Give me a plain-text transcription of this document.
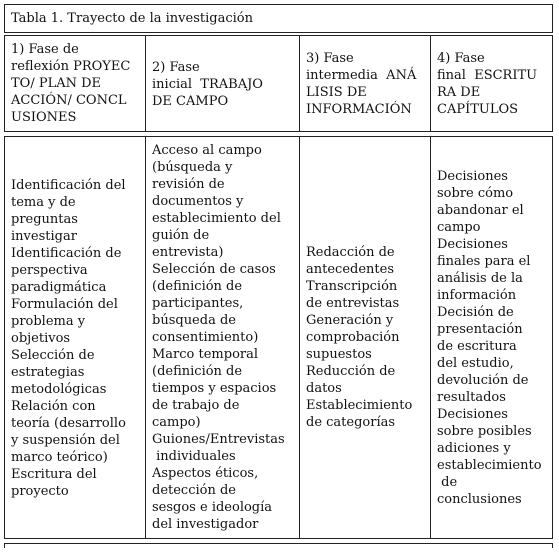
Tabla 1. Trayecto de la investigación

1) Fase de

reflexión PROYEC

TO/ PLAN DE

ACCIÓN/ CONCL

USIONES

2) Fase

inicial  TRABAJO

DE CAMPO

3) Fase

intermedia  ANÁ

LISIS DE

INFORMACIÓN

4) Fase

final  ESCRITU

RA DE

CAPÍTULOS

Identificación del

tema y de

preguntas

investigar

Identificación de

perspectiva

paradigmática

Formulación del

problema y

objetivos

Selección de

estrategias

metodológicas

Relación con

teoría (desarrollo

y suspensión del

marco teórico)

Escritura del

proyecto

Acceso al campo

(búsqueda y

revisión de

documentos y

establecimiento del

guión de

entrevista)

Selección de casos

(definición de

participantes,

búsqueda de

consentimiento)

Marco temporal

(definición de

tiempos y espacios

de trabajo de

campo)

Guiones/Entrevistas

individuales

Aspectos éticos,

detección de

sesgos e ideología

del investigador

Redacción de

antecedentes

Transcripción

de entrevistas

Generación y

comprobación

supuestos

Reducción de

datos

Establecimiento

de categorías

Decisiones

sobre cómo

abandonar el

campo

Decisiones

finales para el

análisis de la

información

Decisión de

presentación

de escritura

del estudio,

devolución de

resultados

Decisiones

sobre posibles

adiciones y

establecimiento

de

conclusiones
